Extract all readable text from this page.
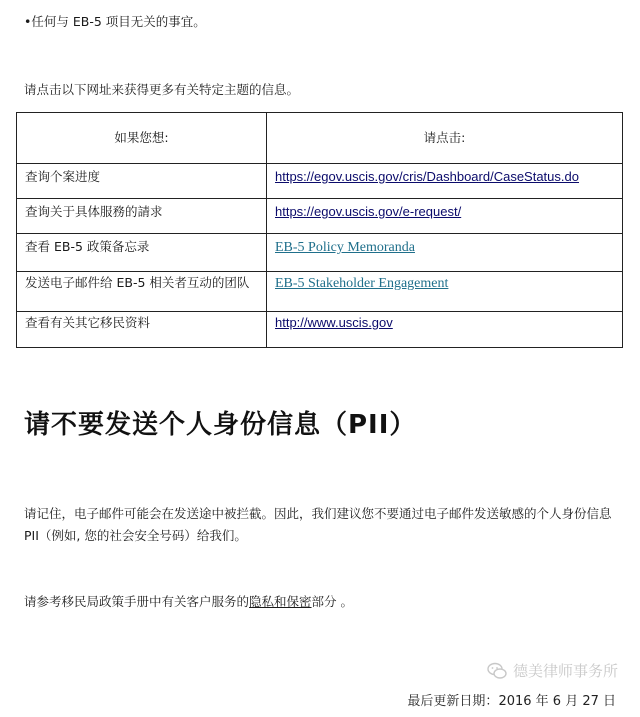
•任何与 EB-5 项目无关的事宜。
请点击以下网址来获得更多有关特定主题的信息。
如果您想:	请点击:
查询个案进度	https://egov.uscis.gov/cris/Dashboard/CaseStatus.do
查询关于具体服務的請求	https://egov.uscis.gov/e-request/
查看 EB-5 政策备忘录	EB-5 Policy Memoranda
发送电子邮件给 EB-5 相关者互动的团队	EB-5 Stakeholder Engagement
查看有关其它移民资料	http://www.uscis.gov
请不要发送个人身份信息（PII）

请记住，电子邮件可能会在发送途中被拦截。因此，我们建议您不要通过电子邮件发送敏感的个人身份信息 PII（例如, 您的社会安全号码）给我们。

请参考移民局政策手册中有关客户服务的隐私和保密部分 。
德美律师事务所
最后更新日期：2016 年 6 月 27 日
